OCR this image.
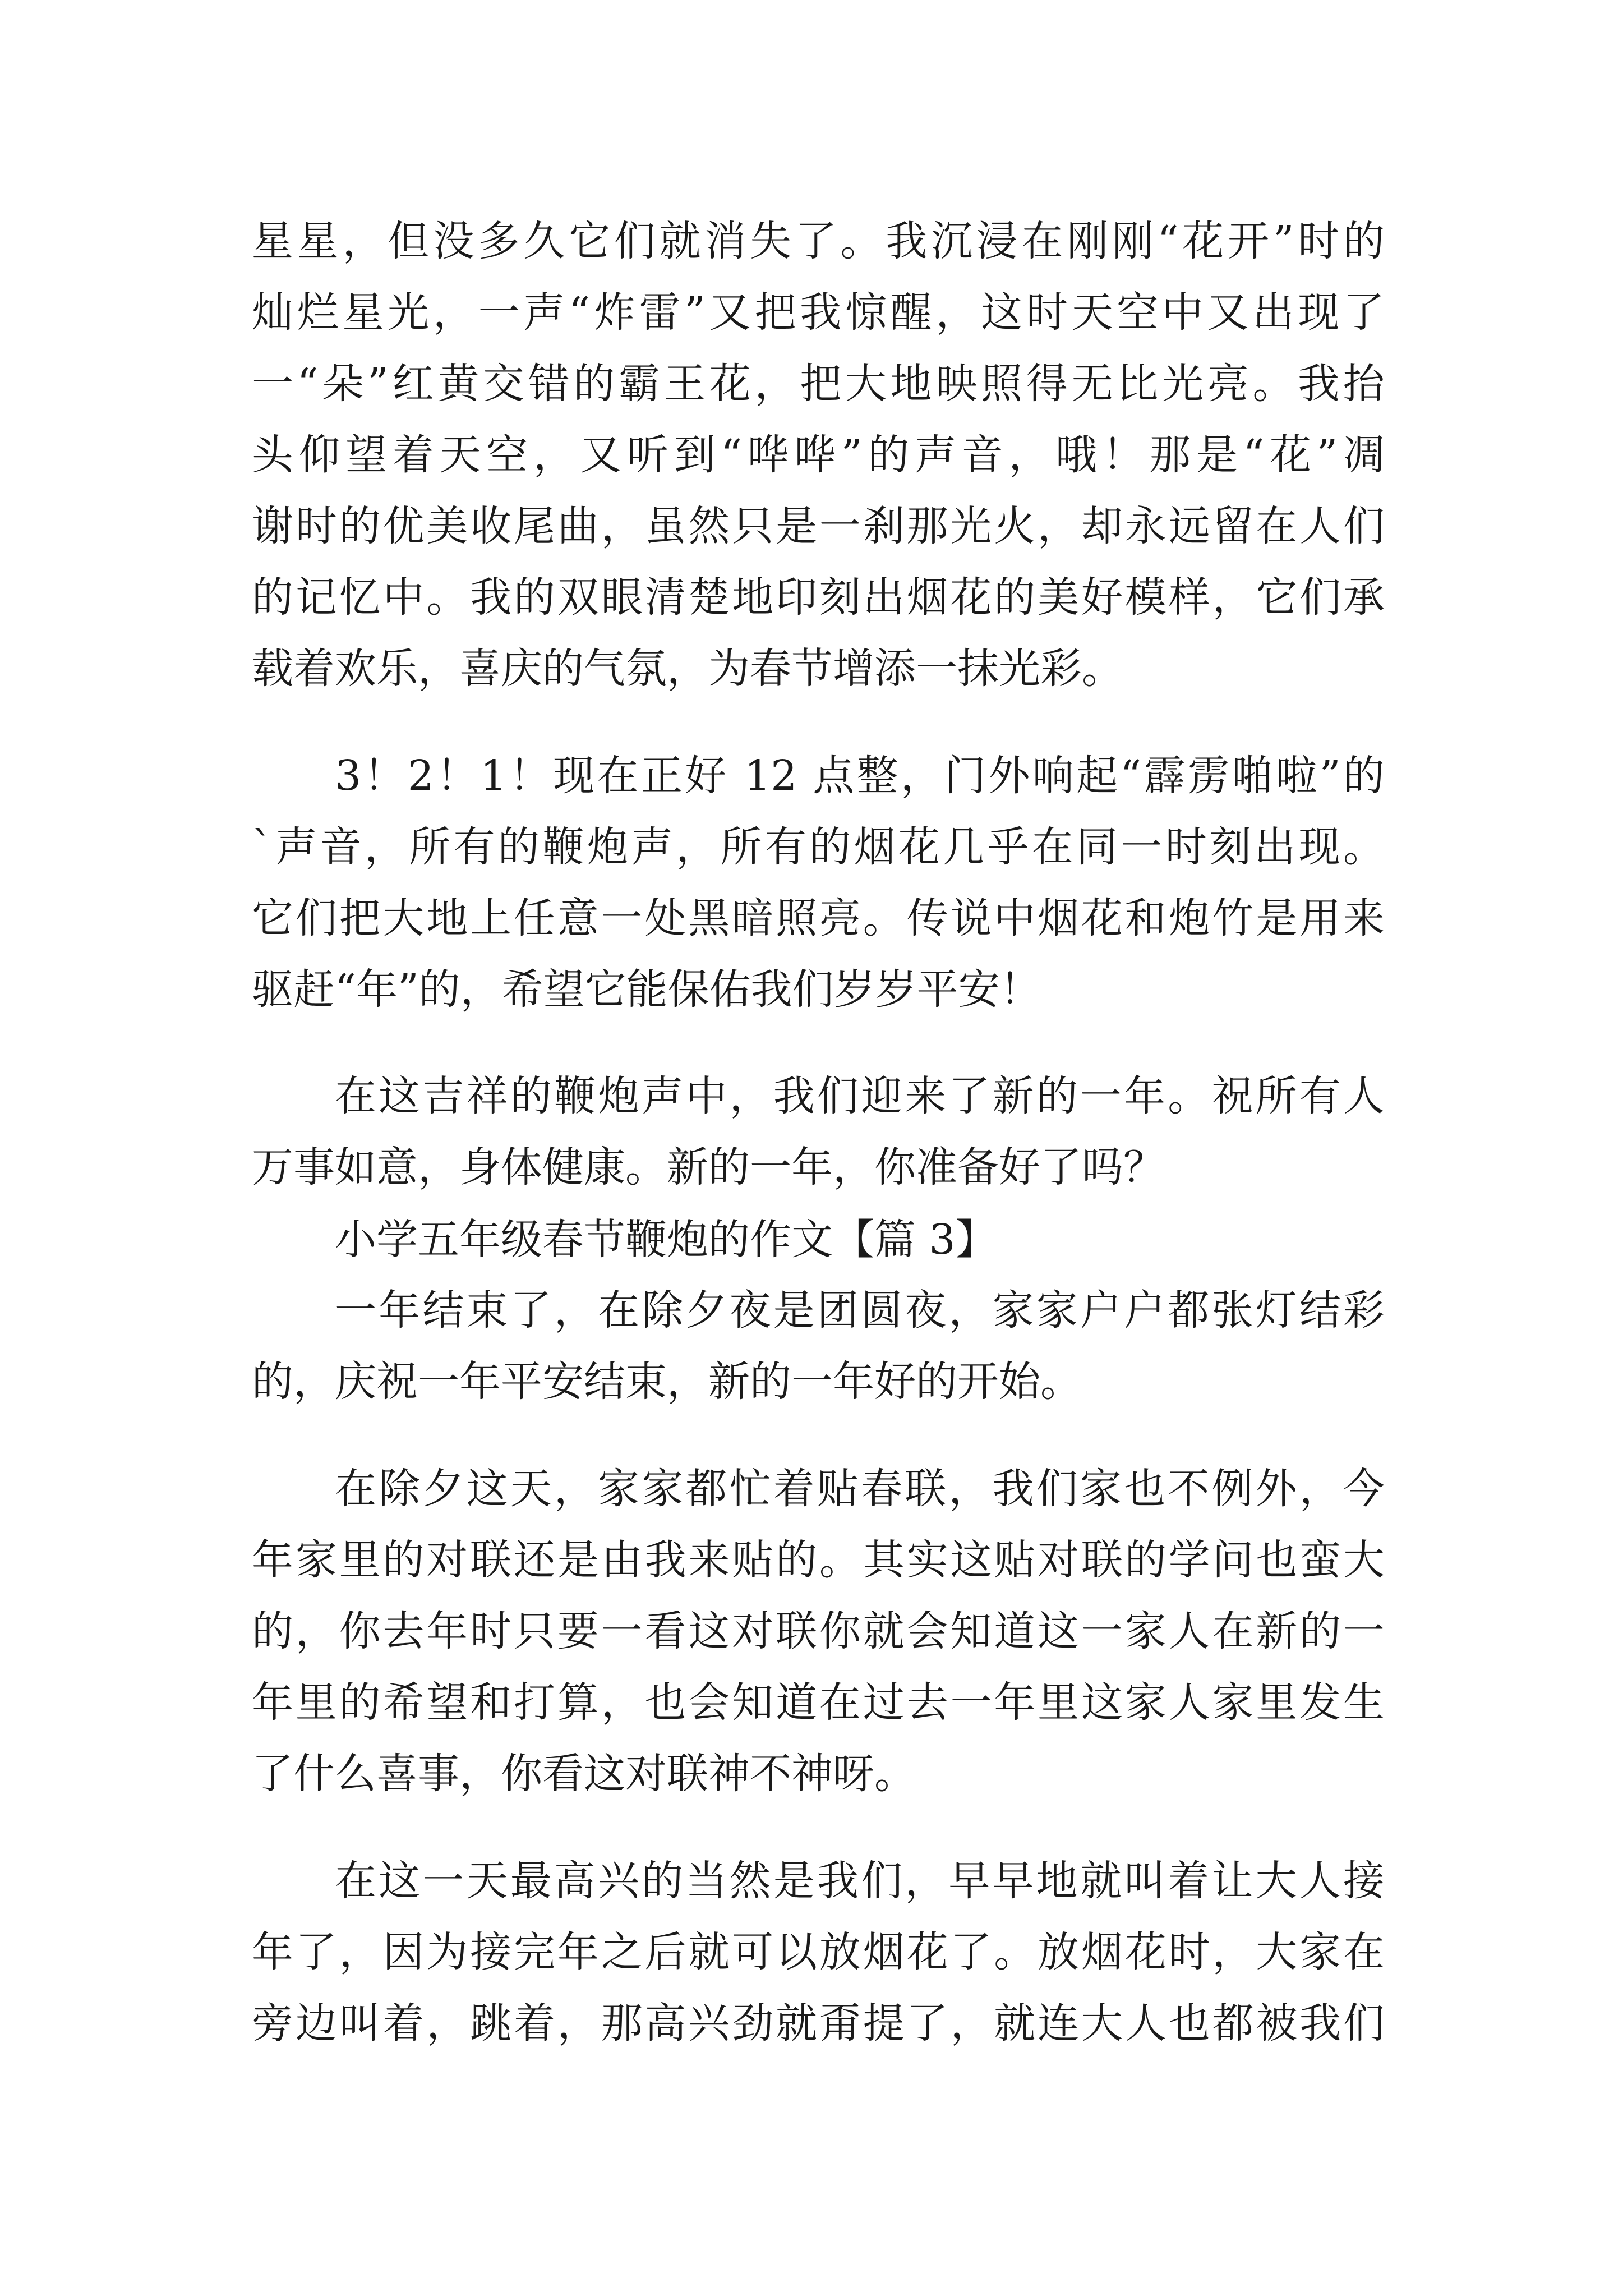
星星，但没多久它们就消失了。我沉浸在刚刚“花开”时的
灿烂星光，一声“炸雷”又把我惊醒，这时天空中又出现了
一“朵”红黄交错的霸王花，把大地映照得无比光亮。我抬
头仰望着天空，又听到“哗哗”的声音，哦！那是“花”凋
谢时的优美收尾曲，虽然只是一刹那光火，却永远留在人们
的记忆中。我的双眼清楚地印刻出烟花的美好模样，它们承
载着欢乐，喜庆的气氛，为春节增添一抹光彩。
3！2！1！现在正好 12 点整，门外响起“霹雳啪啦”的
`声音，所有的鞭炮声，所有的烟花几乎在同一时刻出现。
它们把大地上任意一处黑暗照亮。传说中烟花和炮竹是用来
驱赶“年”的，希望它能保佑我们岁岁平安！
在这吉祥的鞭炮声中，我们迎来了新的一年。祝所有人
万事如意，身体健康。新的一年，你准备好了吗？
小学五年级春节鞭炮的作文【篇 3】
一年结束了，在除夕夜是团圆夜，家家户户都张灯结彩
的，庆祝一年平安结束，新的一年好的开始。
在除夕这天，家家都忙着贴春联，我们家也不例外，今
年家里的对联还是由我来贴的。其实这贴对联的学问也蛮大
的，你去年时只要一看这对联你就会知道这一家人在新的一
年里的希望和打算，也会知道在过去一年里这家人家里发生
了什么喜事，你看这对联神不神呀。
在这一天最高兴的当然是我们，早早地就叫着让大人接
年了，因为接完年之后就可以放烟花了。放烟花时，大家在
旁边叫着，跳着，那高兴劲就甭提了，就连大人也都被我们
